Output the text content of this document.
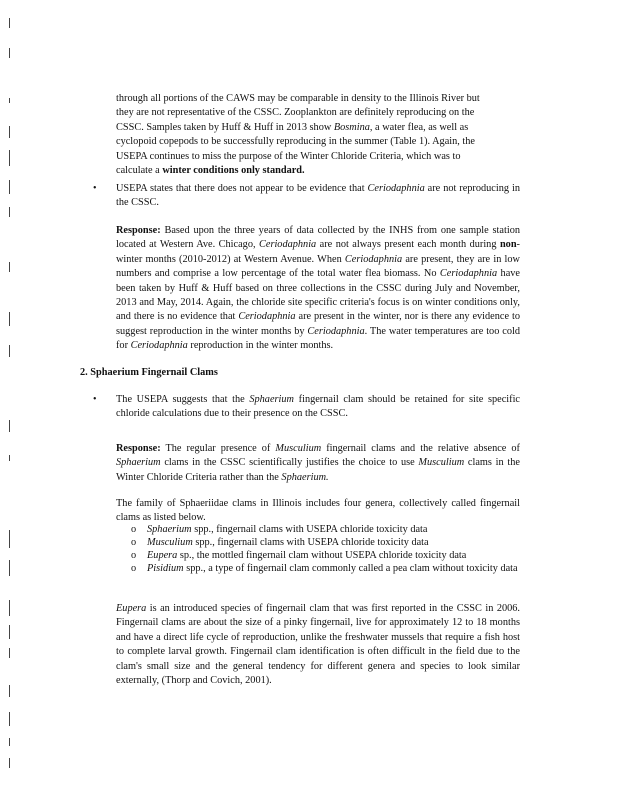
through all portions of the CAWS may be comparable in density to the Illinois River but

they are not representative of the CSSC. Zooplankton are definitely reproducing on the

CSSC. Samples taken by Huff & Huff in 2013 show Bosmina, a water flea, as well as

cyclopoid copepods to be successfully reproducing in the summer (Table 1). Again, the

USEPA continues to miss the purpose of the Winter Chloride Criteria, which was to

calculate a winter conditions only standard.

• USEPA states that there does not appear to be evidence that Ceriodaphnia are not reproducing in the CSSC.
Response: Based upon the three years of data collected by the INHS from one sample station located at Western Ave. Chicago, Ceriodaphnia are not always present each month during non-winter months (2010-2012) at Western Avenue. When Ceriodaphnia are present, they are in low numbers and comprise a low percentage of the total water flea biomass. No Ceriodaphnia have been taken by Huff & Huff based on three collections in the CSSC during July and November, 2013 and May, 2014. Again, the chloride site specific criteria's focus is on winter conditions only, and there is no evidence that Ceriodaphnia are present in the winter, nor is there any evidence to suggest reproduction in the winter months by Ceriodaphnia. The water temperatures are too cold for Ceriodaphnia reproduction in the winter months.
2. Sphaerium Fingernail Clams
• The USEPA suggests that the Sphaerium fingernail clam should be retained for site specific chloride calculations due to their presence on the CSSC.
Response: The regular presence of Musculium fingernail clams and the relative absence of Sphaerium clams in the CSSC scientifically justifies the choice to use Musculium clams in the Winter Chloride Criteria rather than the Sphaerium.
The family of Sphaeriidae clams in Illinois includes four genera, collectively called fingernail clams as listed below.
o Sphaerium spp., fingernail clams with USEPA chloride toxicity data
o Musculium spp., fingernail clams with USEPA chloride toxicity data
o Eupera sp., the mottled fingernail clam without USEPA chloride toxicity data
o Pisidium spp., a type of fingernail clam commonly called a pea clam without toxicity data
Eupera is an introduced species of fingernail clam that was first reported in the CSSC in 2006. Fingernail clams are about the size of a pinky fingernail, live for approximately 12 to 18 months and have a direct life cycle of reproduction, unlike the freshwater mussels that require a fish host to complete larval growth. Fingernail clam identification is often difficult in the field due to the clam's small size and the general tendency for different genera and species to look similar externally, (Thorp and Covich, 2001).
